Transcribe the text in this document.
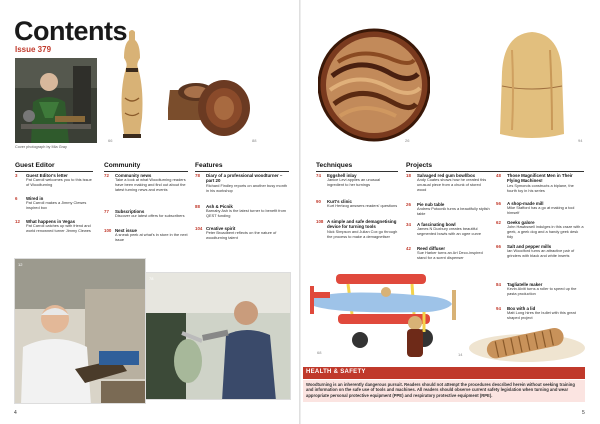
Contents
Issue 379
Cover photograph by Mia Gray
66	88	26	94
Guest Editor	Community	Features
3 Guest Editor's letter
Pat Carroll welcomes you to this issue of Woodturning
6 Wired in
Pat Carroll makes a Jimmy Clewes inspired box
12 What happens in Vegas
Pat Carroll catches up with friend and world renowned turner Jimmy Clewes
72 Community news
Take a look at what Woodturning readers have been making and find out about the latest turning news and events
77 Subscriptions
Discover our latest offers for subscribers
100 Next issue
A sneak peek at what's in store in the next issue
78 Diary of a professional woodturner – part 20
Richard Findley reports on another busy month in his workshop
88 Ash & Picnik
Barnaby Ash is the latest turner to benefit from QEST funding
104 Creative spirit
Peter Broadbent reflects on the nature of woodturning talent
12
78
Techniques	Projects
74 Eggshell inlay
Janice Levi applies an unusual ingredient to her turnings
90 Kurt's clinic
Kurt Hertzog answers readers' questions
108 A simple and safe demagnetising device for turning tools
Nick Simpson and Julian Cox go through the process to make a demagnetiser
18 Salvaged red gum bowl/box
Andy Coates shows how he created this unusual piece from a chunk of stored wood
26 Pie nub table
Andrew Potocnik turns a beautifully stylish table
34 A fascinating bowl
James N Duxbury creates beautiful segmented bowls with an ogee curve
42 Reed diffuser
Sue Harker turns an Art Deco-inspired stand for a scent dispenser
48 Those Magnificent Men in Their Flying Machines!
Les Symonds constructs a biplane, the fourth toy in his series
56 A shop-made mill
Mike Stafford has a go at making a tool himself
62 Geeks galore
John Hawkswell indulges in this craze with a geek, a geek dog and a handy geek desk tidy
66 Salt and pepper mills
Ian Woodford turns an attractive pair of grinders with black and white inserts
84 Tagliatelle maker
Kevin Alviti turns a roller to speed up the pasta production
94 Box with a lid
Matt Long hires the bullet with this great shaped project
68	14
HEALTH & SAFETY
Woodturning is an inherently dangerous pursuit. Readers should not attempt the procedures described herein without seeking training and information on the safe use of tools and machines. All readers should observe current safety legislation when turning and wear appropriate personal protective equipment (PPE) and respiratory protective equipment (RPE).
4	5
